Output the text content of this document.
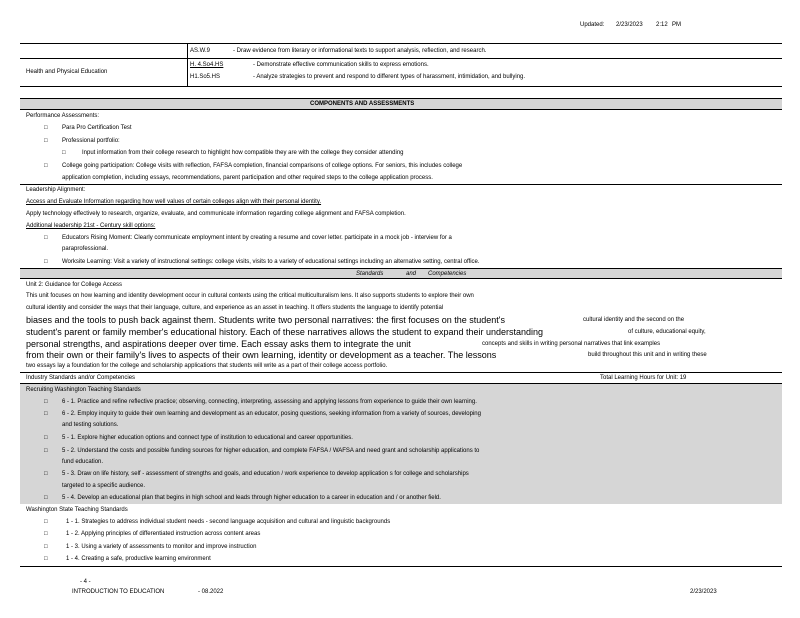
Updated: 2/23/2023 2:12 PM
AS.W.9	- Draw evidence from literary or informational texts to support analysis, reflection, and research.
Health and Physical Education
H. 4.So4.HS	- Demonstrate effective communication skills to express emotions.
H1.So5.HS	- Analyze strategies to prevent and respond to different types of harassment, intimidation, and bullying.
COMPONENTS AND ASSESSMENTS
Performance Assessments:
□ Para Pro Certification Test
□ Professional portfolio:
□	Input information from their college research to highlight how compatible they are with the college they consider attending
□ College going participation: College visits with reflection, FAFSA completion, financial comparisons of college options. For seniors, this includes college
application completion, including essays, recommendations, parent participation and other required steps to the college application process.
Leadership Alignment:
Access and Evaluate Information regarding how well values of certain colleges align with their personal identity.
Apply technology effectively to research, organize, evaluate, and communicate information regarding college alignment and FAFSA completion.
Additional leadership 21st - Century skill options:
□ Educators Rising Moment: Clearly communicate employment intent by creating a resume and cover letter. participate in a mock job - interview for a
paraprofessional.
□ Worksite Learning: Visit a variety of instructional settings: college visits, visits to a variety of educational settings including an alternative setting, central office.
Standards	and Competencies
Unit 2: Guidance for College Access
This unit focuses on how learning and identity development occur in cultural contexts using the critical multiculturalism lens. It also supports students to explore their own
cultural identity and consider the ways that their language, culture, and experience as an asset in teaching. It offers students the language to identify potential
biases and the tools to push back against them. Students write two personal narratives: the first focuses on the student's	cultural identity and the second on the
student's parent or family member's educational history. Each of these narratives allows the student to expand their understanding	of culture, educational equity,
personal strengths, and aspirations deeper over time. Each essay asks them to integrate the unit	concepts and skills in writing personal narratives that link examples
from their own or their family's lives to aspects of their own learning, identity or development as a teacher. The lessons	build throughout this unit and in writing these
two essays lay a foundation for the college and scholarship applications that students will write as a part of their college access portfolio.
Industry Standards and/or Competencies	Total Learning Hours for Unit: 19
Recruiting Washington Teaching Standards
□ 6 - 1. Practice and refine reflective practice; observing, connecting, interpreting, assessing and applying lessons from experience to guide their own learning.
□ 6 - 2. Employ inquiry to guide their own learning and development as an educator, posing questions, seeking information from a variety of sources, developing
and testing solutions.
□ 5 - 1. Explore higher education options and connect type of institution to educational and career opportunities.
□ 5 - 2. Understand the costs and possible funding sources for higher education, and complete FAFSA / WAFSA and need grant and scholarship applications to
fund education.
□ 5 - 3. Draw on life history, self - assessment of strengths and goals, and education / work experience to develop application s for college and scholarships
targeted to a specific audience.
□ 5 - 4. Develop an educational plan that begins in high school and leads through higher education to a career in education and / or another field.
Washington State Teaching Standards
□	1 - 1. Strategies to address individual student needs - second language acquisition and cultural and linguistic backgrounds
□	1 - 2. Applying principles of differentiated instruction across content areas
□	1 - 3. Using a variety of assessments to monitor and improve instruction
□	1 - 4. Creating a safe, productive learning environment
- 4 -
INTRODUCTION TO EDUCATION	- 08.2022	2/23/2023
